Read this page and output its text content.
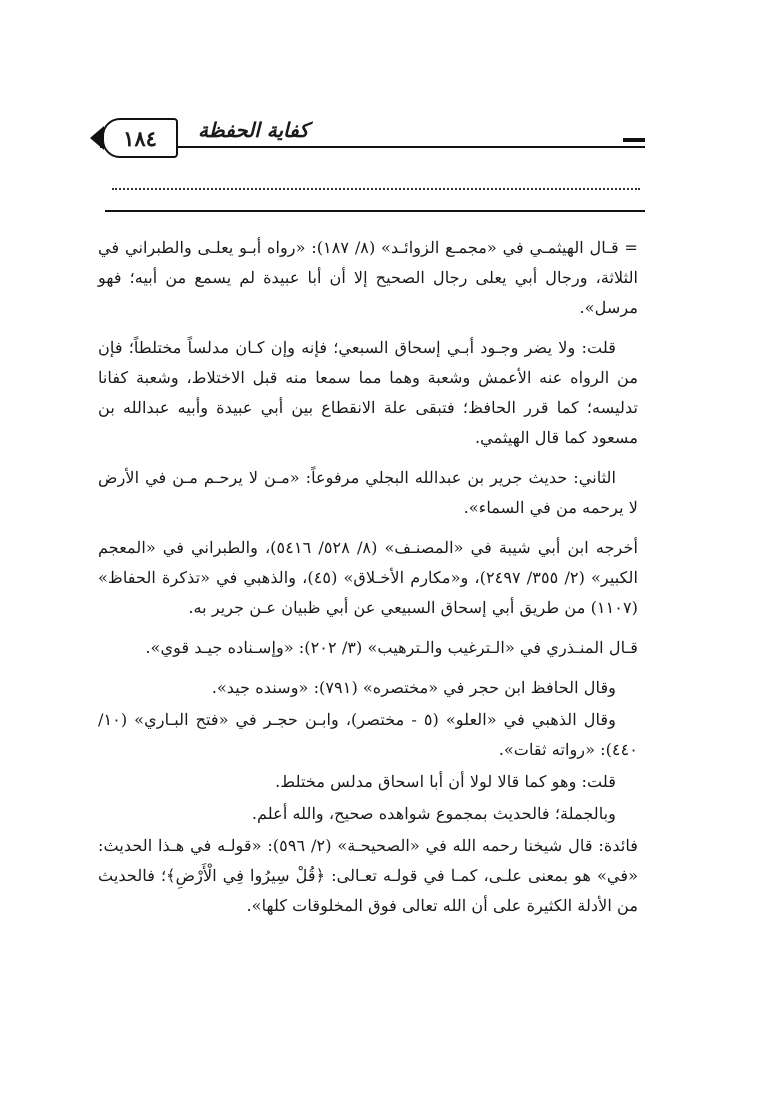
١٨٤	كفاية الحفظة

= قـال الهيثمـي في «مجمـع الزوائـد» (٨/ ١٨٧): «رواه أبـو يعلـى والطبراني في الثلاثة، ورجال أبي يعلى رجال الصحيح إلا أن أبا عبيدة لم يسمع من أبيه؛ فهو مرسل».

قلت: ولا يضر وجـود أبـي إسحاق السبعي؛ فإنه وإن كـان مدلساً مختلطاً؛ فإن من الرواه عنه الأعمش وشعبة وهما مما سمعا منه قبل الاختلاط، وشعبة كفانا تدليسه؛ كما قرر الحافظ؛ فتبقى علة الانقطاع بين أبي عبيدة وأبيه عبدالله بن مسعود كما قال الهيثمي.

الثاني: حديث جرير بن عبدالله البجلي مرفوعاً: «مـن لا يرحـم مـن في الأرض لا يرحمه من في السماء».

أخرجه ابن أبي شيبة في «المصنـف» (٨/ ٥٢٨/ ٥٤١٦)، والطبراني في «المعجم الكبير» (٢/ ٣٥٥/ ٢٤٩٧)، و«مكارم الأخـلاق» (٤٥)، والذهبي في «تذكرة الحفاظ» (١١٠٧) من طريق أبي إسحاق السبيعي عن أبي ظبيان عـن جرير به.

قـال المنـذري في «الـترغيب والـترهيب» (٣/ ٢٠٢): «وإسـناده جيـد قوي».

وقال الحافظ ابن حجر في «مختصره» (٧٩١): «وسنده جيد».

وقال الذهبي في «العلو» (٥ - مختصر)، وابـن حجـر في «فتح البـاري» (١٠/ ٤٤٠): «رواته ثقات».

قلت: وهو كما قالا لولا أن أبا اسحاق مدلس مختلط.

وبالجملة؛ فالحديث بمجموع شواهده صحيح، والله أعلم.

فائدة: قال شيخنا رحمه الله في «الصحيحـة» (٢/ ٥٩٦): «قولـه في هـذا الحديث: «في» هو بمعنى علـى، كمـا في قولـه تعـالى: ﴿قُلْ سِيرُوا فِي الْأَرْضِ﴾؛ فالحديث من الأدلة الكثيرة على أن الله تعالى فوق المخلوقات كلها».
